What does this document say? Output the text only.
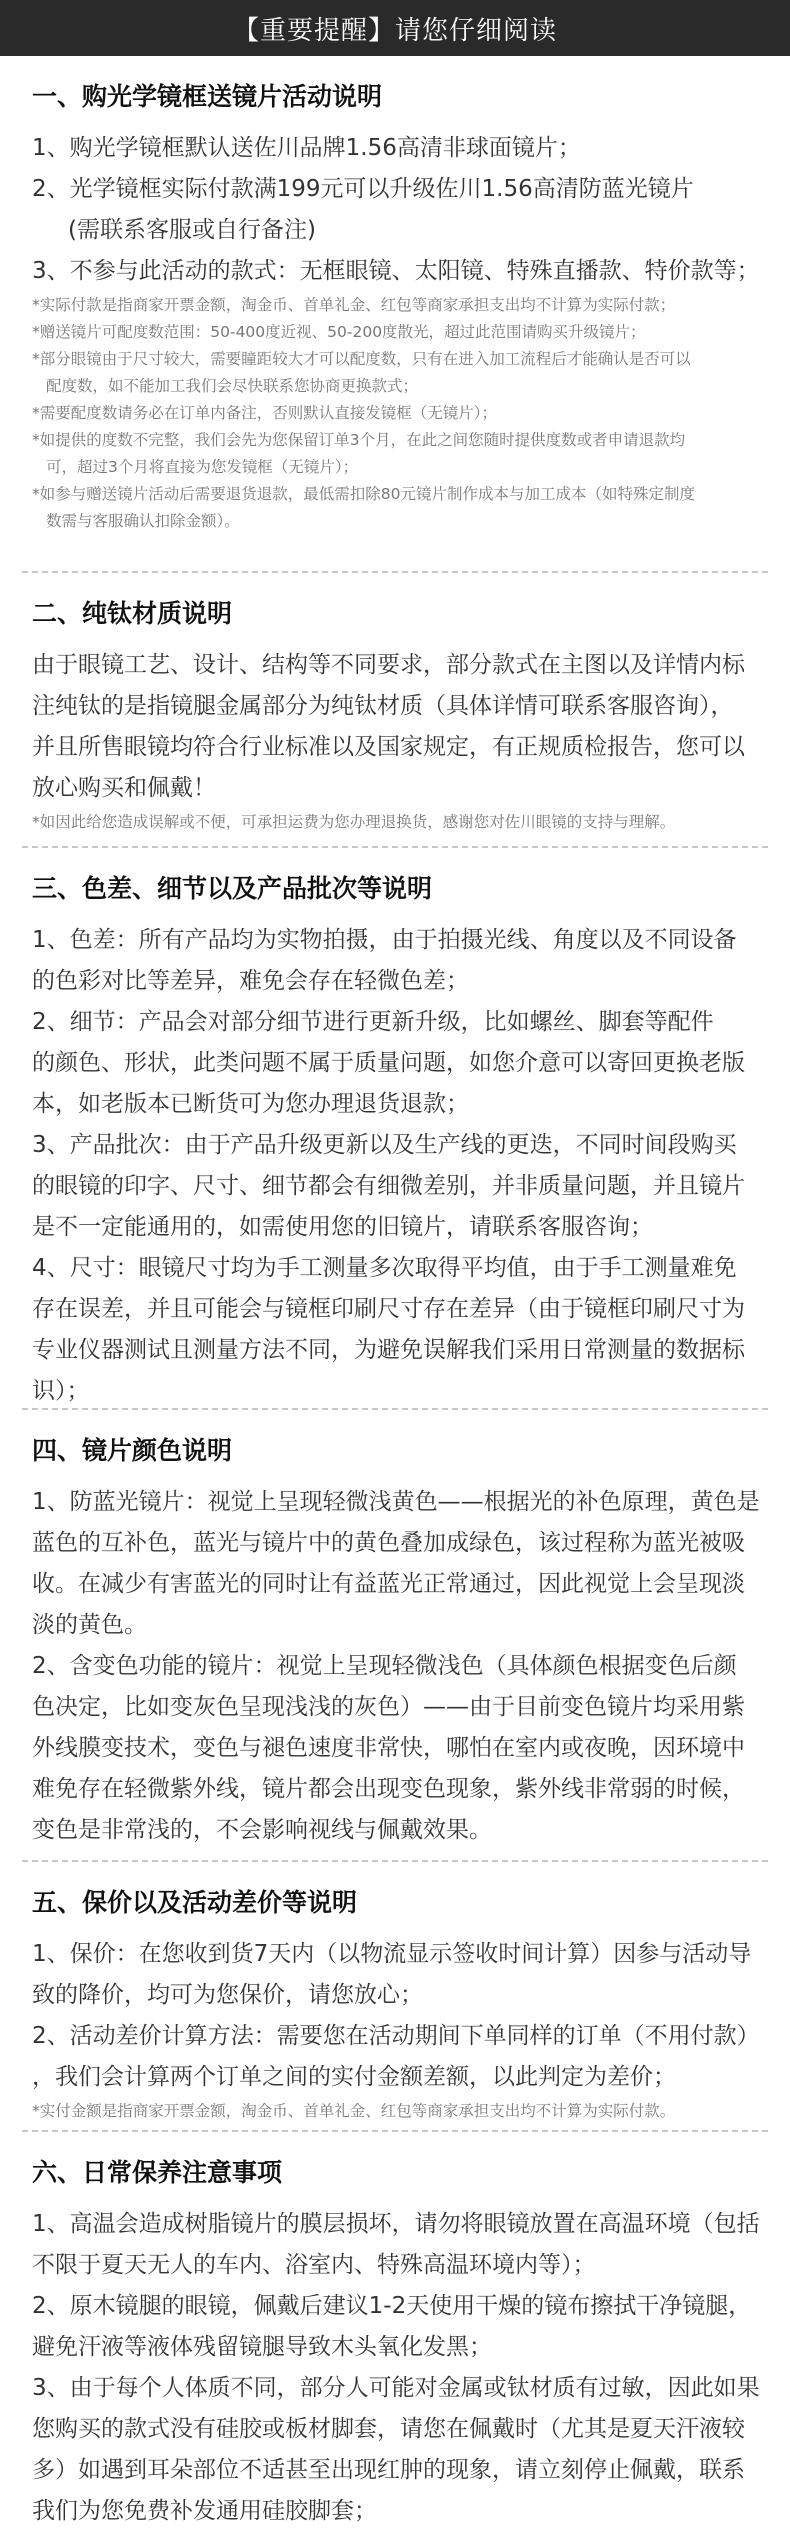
【重要提醒】请您仔细阅读
一、购光学镜框送镜片活动说明

1、购光学镜框默认送佐川品牌1.56高清非球面镜片；

2、光学镜框实际付款满199元可以升级佐川1.56高清防蓝光镜片

(需联系客服或自行备注)

3、不参与此活动的款式：无框眼镜、太阳镜、特殊直播款、特价款等；

*实际付款是指商家开票金额，淘金币、首单礼金、红包等商家承担支出均不计算为实际付款；

*赠送镜片可配度数范围：50-400度近视、50-200度散光，超过此范围请购买升级镜片；

*部分眼镜由于尺寸较大，需要瞳距较大才可以配度数，只有在进入加工流程后才能确认是否可以

配度数，如不能加工我们会尽快联系您协商更换款式；

*需要配度数请务必在订单内备注，否则默认直接发镜框（无镜片）；

*如提供的度数不完整，我们会先为您保留订单3个月，在此之间您随时提供度数或者申请退款均

可，超过3个月将直接为您发镜框（无镜片）；

*如参与赠送镜片活动后需要退货退款，最低需扣除80元镜片制作成本与加工成本（如特殊定制度

数需与客服确认扣除金额）。

二、纯钛材质说明

由于眼镜工艺、设计、结构等不同要求，部分款式在主图以及详情内标

注纯钛的是指镜腿金属部分为纯钛材质（具体详情可联系客服咨询），

并且所售眼镜均符合行业标准以及国家规定，有正规质检报告，您可以

放心购买和佩戴！

*如因此给您造成误解或不便，可承担运费为您办理退换货，感谢您对佐川眼镜的支持与理解。

三、色差、细节以及产品批次等说明

1、色差：所有产品均为实物拍摄，由于拍摄光线、角度以及不同设备

的色彩对比等差异，难免会存在轻微色差；

2、细节：产品会对部分细节进行更新升级，比如螺丝、脚套等配件

的颜色、形状，此类问题不属于质量问题，如您介意可以寄回更换老版

本，如老版本已断货可为您办理退货退款；

3、产品批次：由于产品升级更新以及生产线的更迭，不同时间段购买

的眼镜的印字、尺寸、细节都会有细微差别，并非质量问题，并且镜片

是不一定能通用的，如需使用您的旧镜片，请联系客服咨询；

4、尺寸：眼镜尺寸均为手工测量多次取得平均值，由于手工测量难免

存在误差，并且可能会与镜框印刷尺寸存在差异（由于镜框印刷尺寸为

专业仪器测试且测量方法不同，为避免误解我们采用日常测量的数据标

识）；

四、镜片颜色说明

1、防蓝光镜片：视觉上呈现轻微浅黄色——根据光的补色原理，黄色是

蓝色的互补色，蓝光与镜片中的黄色叠加成绿色，该过程称为蓝光被吸

收。在减少有害蓝光的同时让有益蓝光正常通过，因此视觉上会呈现淡

淡的黄色。

2、含变色功能的镜片：视觉上呈现轻微浅色（具体颜色根据变色后颜

色决定，比如变灰色呈现浅浅的灰色）——由于目前变色镜片均采用紫

外线膜变技术，变色与褪色速度非常快，哪怕在室内或夜晚，因环境中

难免存在轻微紫外线，镜片都会出现变色现象，紫外线非常弱的时候，

变色是非常浅的，不会影响视线与佩戴效果。

五、保价以及活动差价等说明

1、保价：在您收到货7天内（以物流显示签收时间计算）因参与活动导

致的降价，均可为您保价，请您放心；

2、活动差价计算方法：需要您在活动期间下单同样的订单（不用付款）

，我们会计算两个订单之间的实付金额差额，以此判定为差价；

*实付金额是指商家开票金额，淘金币、首单礼金、红包等商家承担支出均不计算为实际付款。

六、日常保养注意事项

1、高温会造成树脂镜片的膜层损坏，请勿将眼镜放置在高温环境（包括

不限于夏天无人的车内、浴室内、特殊高温环境内等）；

2、原木镜腿的眼镜，佩戴后建议1-2天使用干燥的镜布擦拭干净镜腿，

避免汗液等液体残留镜腿导致木头氧化发黑；

3、由于每个人体质不同，部分人可能对金属或钛材质有过敏，因此如果

您购买的款式没有硅胶或板材脚套，请您在佩戴时（尤其是夏天汗液较

多）如遇到耳朵部位不适甚至出现红肿的现象，请立刻停止佩戴，联系

我们为您免费补发通用硅胶脚套；
